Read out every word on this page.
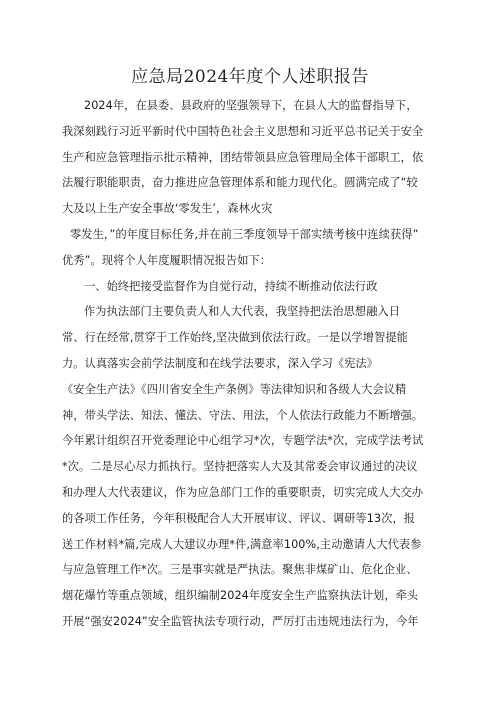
应急局2024年度个人述职报告
2024年，在县委、县政府的坚强领导下，在县人大的监督指导下，
我深刻践行习近平新时代中国特色社会主义思想和习近平总书记关于安全
生产和应急管理指示批示精神，团结带领县应急管理局全体干部职工，依
法履行职能职责，奋力推进应急管理体系和能力现代化。圆满完成了“较
大及以上生产安全事故‘零发生’，森林火灾
零发生，”的年度目标任务,并在前三季度领导干部实绩考核中连续获得”
优秀”。现将个人年度履职情况报告如下：
一、始终把接受监督作为自觉行动，持续不断推动依法行政
作为执法部门主要负责人和人大代表，我坚持把法治思想融入日
常、行在经常,贯穿于工作始终,坚决做到依法行政。一是以学增智提能
力。认真落实会前学法制度和在线学法要求，深入学习《宪法》
《安全生产法》《四川省安全生产条例》等法律知识和各级人大会议精
神，带头学法、知法、懂法、守法、用法，个人依法行政能力不断增强。
今年累计组织召开党委理论中心组学习*次，专题学法*次，完成学法考试
*次。二是尽心尽力抓执行。坚持把落实人大及其常委会审议通过的决议
和办理人大代表建议，作为应急部门工作的重要职责，切实完成人大交办
的各项工作任务，今年积极配合人大开展审议、评议、调研等13次，报
送工作材料*篇,完成人大建议办理*件,满意率100%,主动邀请人大代表参
与应急管理工作*次。三是事实就是严执法。聚焦非煤矿山、危化企业、
烟花爆竹等重点领域，组织编制2024年度安全生产监察执法计划，牵头
开展“强安2024”安全监管执法专项行动，严厉打击违规违法行为，今年
